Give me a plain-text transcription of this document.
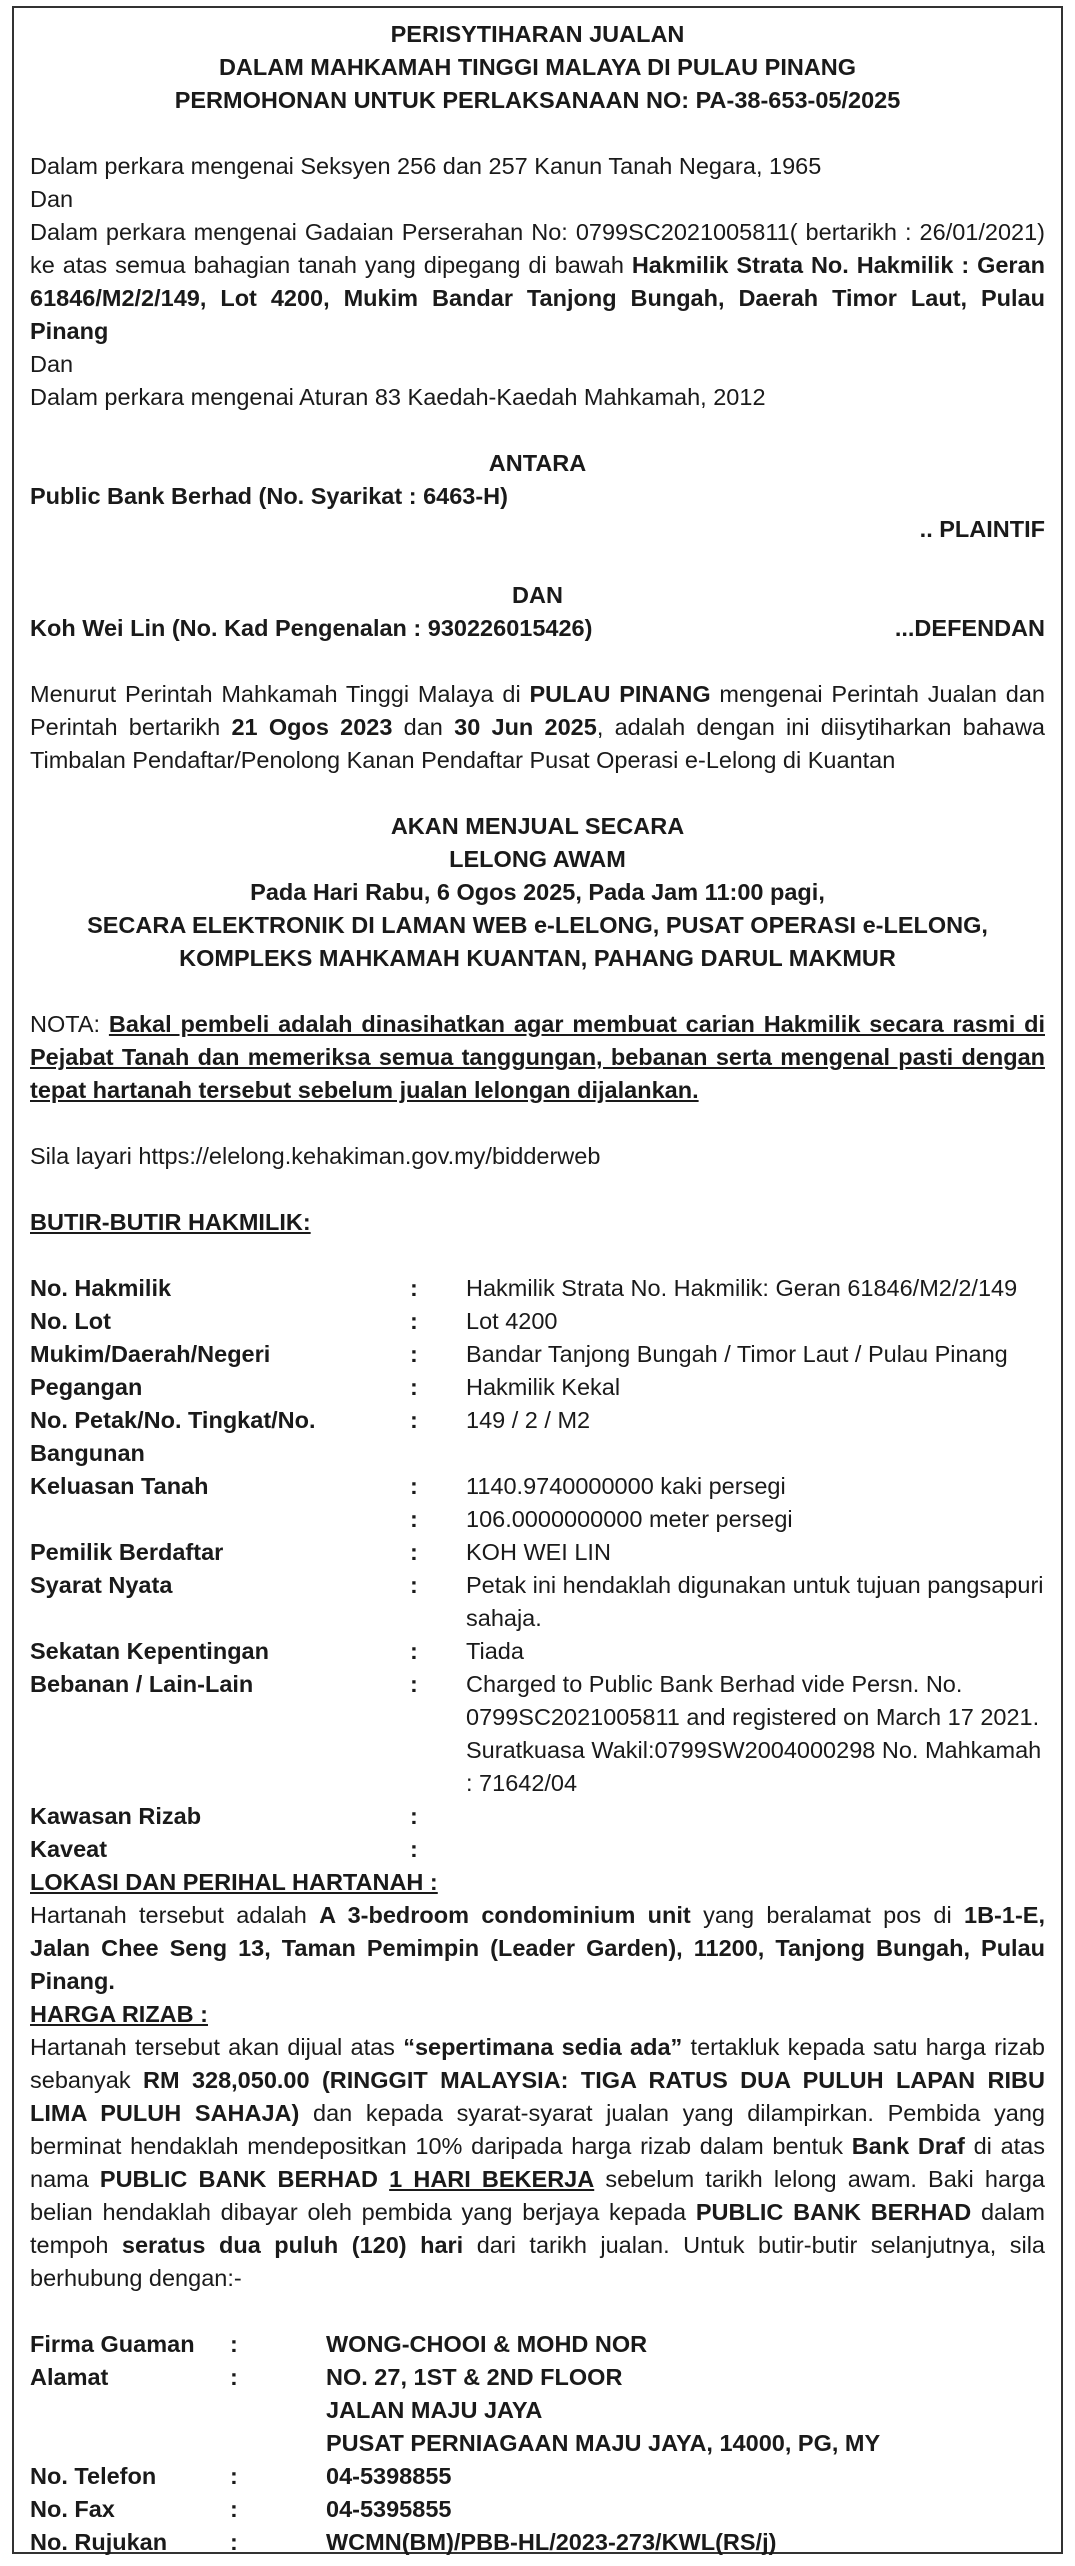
PERISYTIHARAN JUALAN

DALAM MAHKAMAH TINGGI MALAYA DI PULAU PINANG

PERMOHONAN UNTUK PERLAKSANAAN NO: PA-38-653-05/2025

Dalam perkara mengenai Seksyen 256 dan 257 Kanun Tanah Negara, 1965

Dan

Dalam perkara mengenai Gadaian Perserahan No: 0799SC2021005811( bertarikh : 26/01/2021) ke atas semua bahagian tanah yang dipegang di bawah Hakmilik Strata No. Hakmilik : Geran 61846/M2/2/149, Lot 4200, Mukim Bandar Tanjong Bungah, Daerah Timor Laut, Pulau Pinang

Dan

Dalam perkara mengenai Aturan 83 Kaedah-Kaedah Mahkamah, 2012

ANTARA

Public Bank Berhad (No. Syarikat : 6463-H)

.. PLAINTIF

DAN

Koh Wei Lin (No. Kad Pengenalan : 930226015426)	...DEFENDAN

Menurut Perintah Mahkamah Tinggi Malaya di PULAU PINANG mengenai Perintah Jualan dan Perintah bertarikh 21 Ogos 2023 dan 30 Jun 2025, adalah dengan ini diisytiharkan bahawa Timbalan Pendaftar/Penolong Kanan Pendaftar Pusat Operasi e-Lelong di Kuantan

AKAN MENJUAL SECARA

LELONG AWAM

Pada Hari Rabu, 6 Ogos 2025, Pada Jam 11:00 pagi,

SECARA ELEKTRONIK DI LAMAN WEB e-LELONG, PUSAT OPERASI e-LELONG,

KOMPLEKS MAHKAMAH KUANTAN, PAHANG DARUL MAKMUR

NOTA: Bakal pembeli adalah dinasihatkan agar membuat carian Hakmilik secara rasmi di Pejabat Tanah dan memeriksa semua tanggungan, bebanan serta mengenal pasti dengan tepat hartanah tersebut sebelum jualan lelongan dijalankan.

Sila layari https://elelong.kehakiman.gov.my/bidderweb

BUTIR-BUTIR HAKMILIK:

No. Hakmilik	:	Hakmilik Strata No. Hakmilik: Geran 61846/M2/2/149
No. Lot	:	Lot 4200
Mukim/Daerah/Negeri	:	Bandar Tanjong Bungah / Timor Laut / Pulau Pinang
Pegangan	:	Hakmilik Kekal
No. Petak/No. Tingkat/No. Bangunan	:	149 / 2 / M2
Keluasan Tanah	:	1140.9740000000 kaki persegi
	:	106.0000000000 meter persegi
Pemilik Berdaftar	:	KOH WEI LIN
Syarat Nyata	:	Petak ini hendaklah digunakan untuk tujuan pangsapuri sahaja.
Sekatan Kepentingan	:	Tiada
Bebanan / Lain-Lain	:	Charged to Public Bank Berhad vide Persn. No. 0799SC2021005811 and registered on March 17 2021. Suratkuasa Wakil:0799SW2004000298 No. Mahkamah : 71642/04
Kawasan Rizab	:	
Kaveat	:	

LOKASI DAN PERIHAL HARTANAH :

Hartanah tersebut adalah A 3-bedroom condominium unit yang beralamat pos di 1B-1-E, Jalan Chee Seng 13, Taman Pemimpin (Leader Garden), 11200, Tanjong Bungah, Pulau Pinang.

HARGA RIZAB :

Hartanah tersebut akan dijual atas “sepertimana sedia ada” tertakluk kepada satu harga rizab sebanyak RM 328,050.00 (RINGGIT MALAYSIA: TIGA RATUS DUA PULUH LAPAN RIBU LIMA PULUH SAHAJA) dan kepada syarat-syarat jualan yang dilampirkan. Pembida yang berminat hendaklah mendepositkan 10% daripada harga rizab dalam bentuk Bank Draf di atas nama PUBLIC BANK BERHAD 1 HARI BEKERJA sebelum tarikh lelong awam. Baki harga belian hendaklah dibayar oleh pembida yang berjaya kepada PUBLIC BANK BERHAD dalam tempoh seratus dua puluh (120) hari dari tarikh jualan. Untuk butir-butir selanjutnya, sila berhubung dengan:-

Firma Guaman	:	WONG-CHOOI & MOHD NOR
Alamat	:	NO. 27, 1ST & 2ND FLOOR
JALAN MAJU JAYA
PUSAT PERNIAGAAN MAJU JAYA, 14000, PG, MY

No. Telefon	:	04-5398855
No. Fax	:	04-5395855
No. Rujukan	:	WCMN(BM)/PBB-HL/2023-273/KWL(RS/j)
